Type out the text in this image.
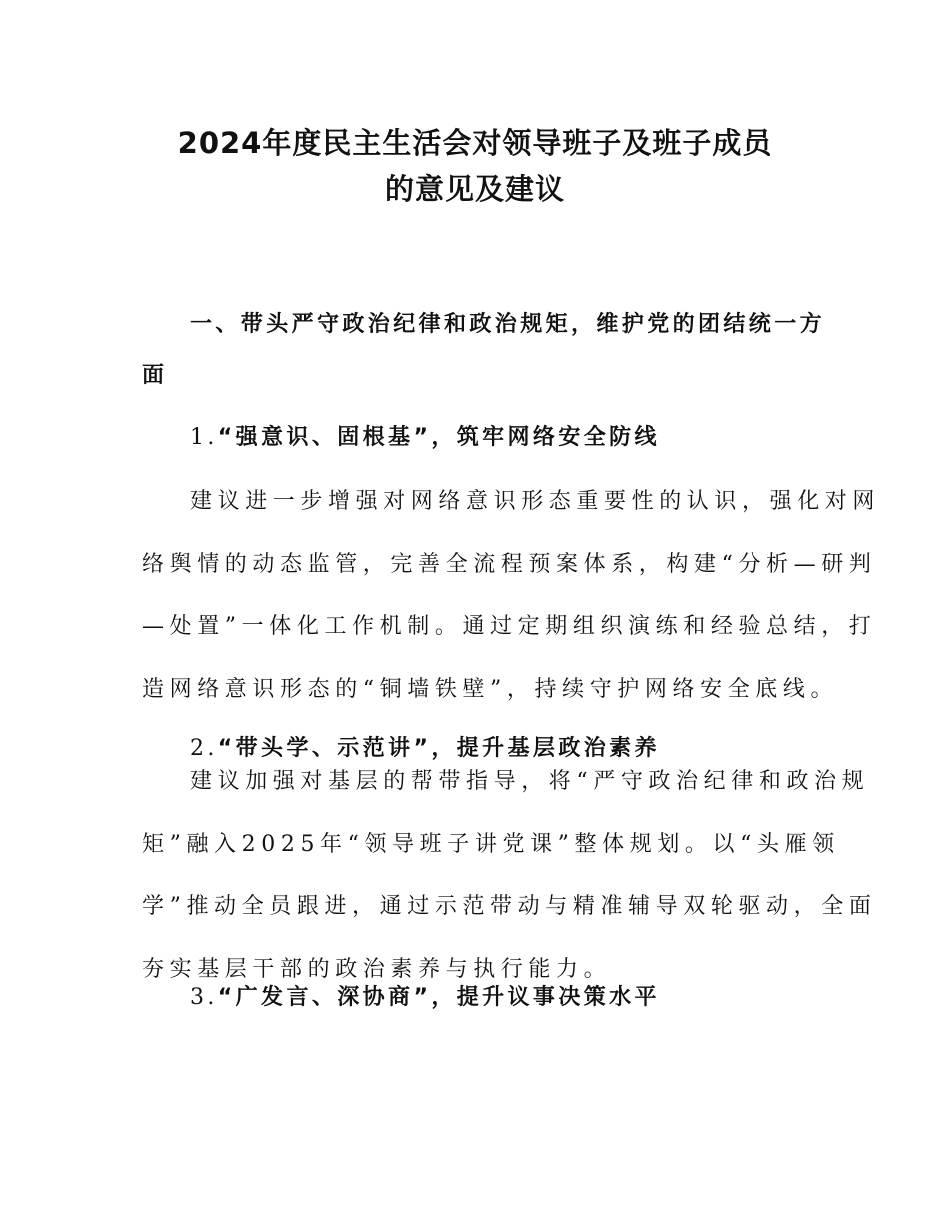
2024年度民主生活会对领导班子及班子成员
的意见及建议
一、带头严守政治纪律和政治规矩，维护党的团结统一方
面
1.“强意识、固根基”，筑牢网络安全防线
建议进一步增强对网络意识形态重要性的认识，强化对网
络舆情的动态监管，完善全流程预案体系，构建“分析—研判
—处置”一体化工作机制。通过定期组织演练和经验总结，打
造网络意识形态的“铜墙铁壁”，持续守护网络安全底线。
2.“带头学、示范讲”，提升基层政治素养
建议加强对基层的帮带指导，将“严守政治纪律和政治规
矩”融入2025年“领导班子讲党课”整体规划。以“头雁领
学”推动全员跟进，通过示范带动与精准辅导双轮驱动，全面
夯实基层干部的政治素养与执行能力。
3.“广发言、深协商”，提升议事决策水平
